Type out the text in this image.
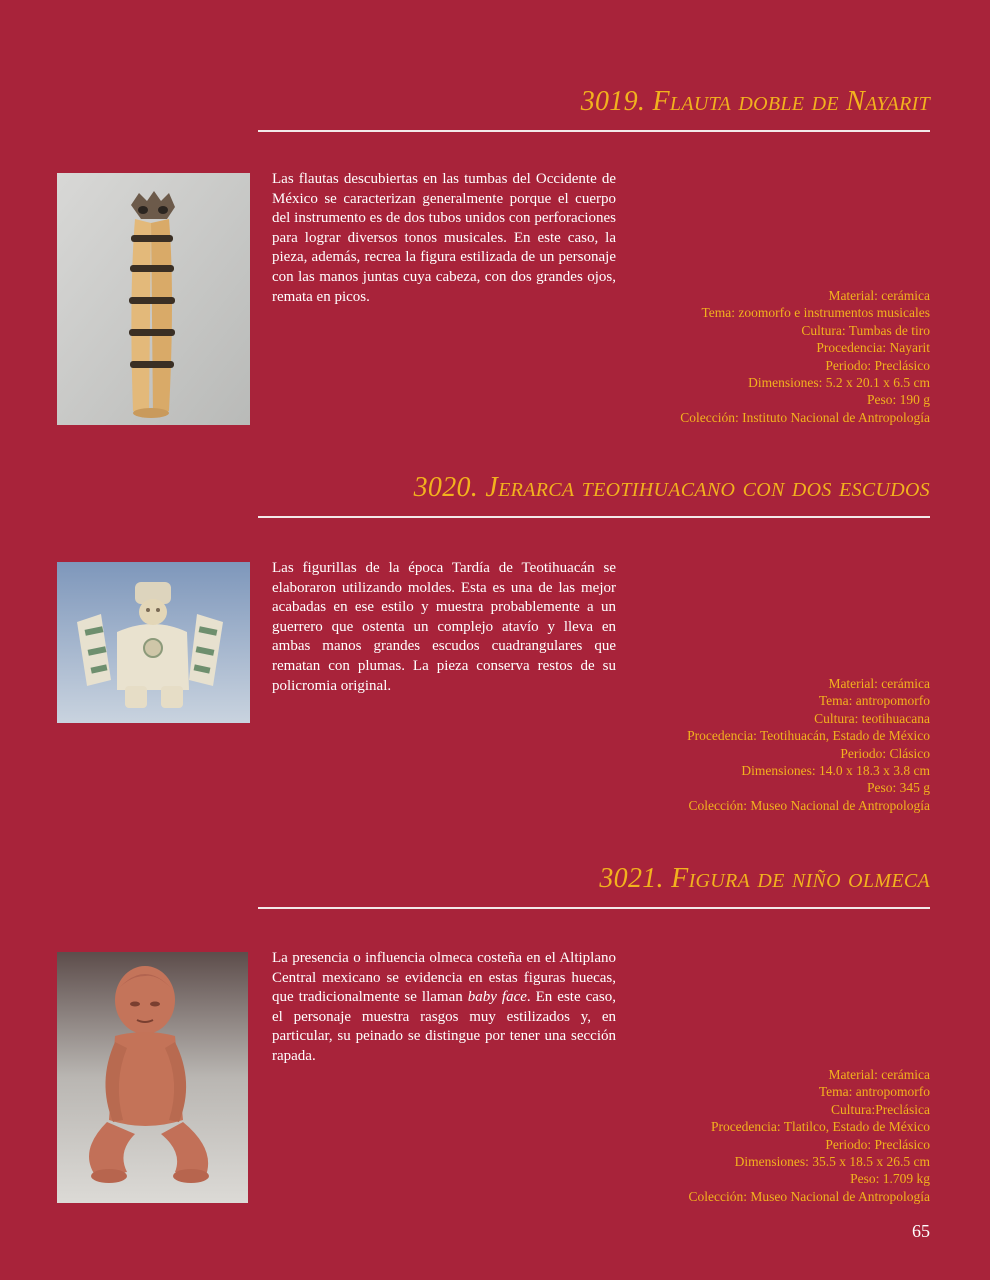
3019. Flauta doble de Nayarit
Las flautas descubiertas en las tumbas del Occidente de México se caracterizan generalmente porque el cuerpo del instrumento es de dos tubos unidos con perforaciones para lograr diversos tonos musicales. En este caso, la pieza, además, recrea la figura estilizada de un personaje con las manos juntas cuya cabeza, con dos grandes ojos, remata en picos.	Material: cerámica
Tema: zoomorfo e instrumentos musicales
Cultura: Tumbas de tiro
Procedencia: Nayarit
Periodo: Preclásico
Dimensiones: 5.2 x 20.1 x 6.5 cm
Peso: 190 g
Colección: Instituto Nacional de Antropología
3020. Jerarca teotihuacano con dos escudos
Las figurillas de la época Tardía de Teotihuacán se elaboraron utilizando moldes. Esta es una de las mejor acabadas en ese estilo y muestra probablemente a un guerrero que ostenta un complejo atavío y lleva en ambas manos grandes escudos cuadrangulares que rematan con plumas. La pieza conserva restos de su policromia original.	Material: cerámica
Tema: antropomorfo
Cultura: teotihuacana
Procedencia: Teotihuacán, Estado de México
Periodo: Clásico
Dimensiones: 14.0 x 18.3 x 3.8 cm
Peso: 345 g
Colección: Museo Nacional de Antropología
3021. Figura de niño olmeca
La presencia o influencia olmeca costeña en el Altiplano Central mexicano se evidencia en estas figuras huecas, que tradicionalmente se llaman baby face. En este caso, el personaje muestra rasgos muy estilizados y, en particular, su peinado se distingue por tener una sección rapada.
Material: cerámica
Tema: antropomorfo
Cultura:Preclásica
Procedencia: Tlatilco, Estado de México
Periodo: Preclásico
Dimensiones: 35.5 x 18.5 x 26.5 cm
Peso: 1.709 kg
Colección: Museo Nacional de Antropología
65
